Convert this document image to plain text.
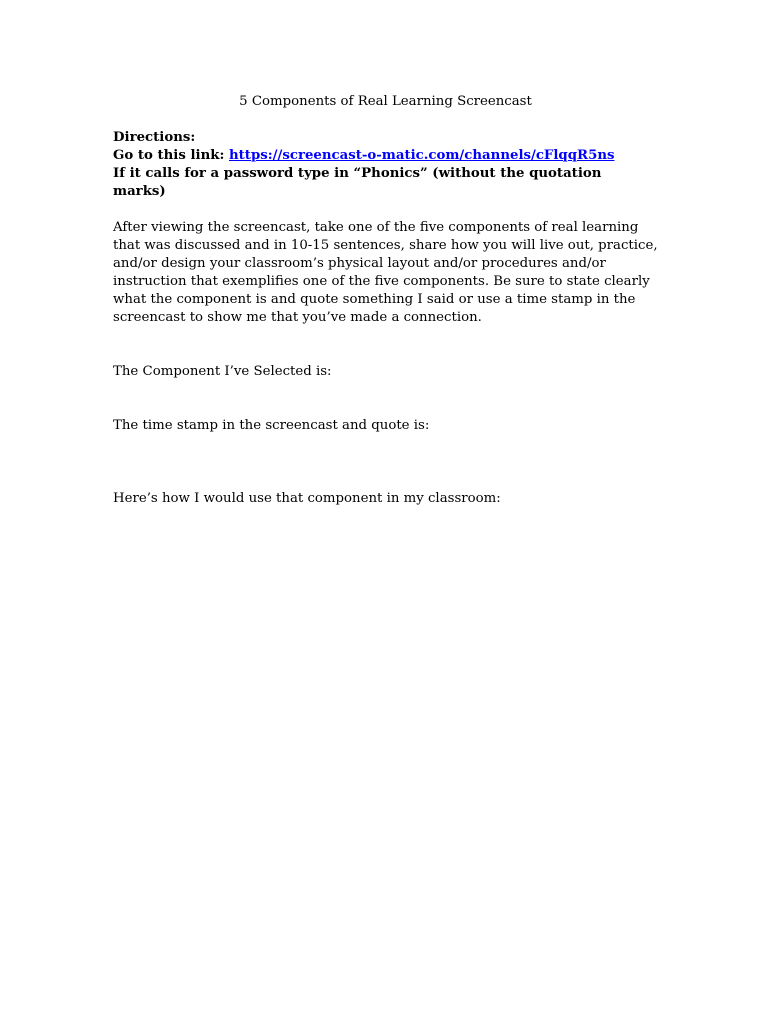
5 Components of Real Learning Screencast

Directions:

Go to this link: https://screencast-o-matic.com/channels/cFlqqR5ns

If it calls for a password type in “Phonics” (without the quotation marks)

After viewing the screencast, take one of the five components of real learning that was discussed and in 10-15 sentences, share how you will live out, practice, and/or design your classroom’s physical layout and/or procedures and/or instruction that exemplifies one of the five components. Be sure to state clearly what the component is and quote something I said or use a time stamp in the screencast to show me that you’ve made a connection.

The Component I’ve Selected is:

The time stamp in the screencast and quote is:

Here’s how I would use that component in my classroom:
